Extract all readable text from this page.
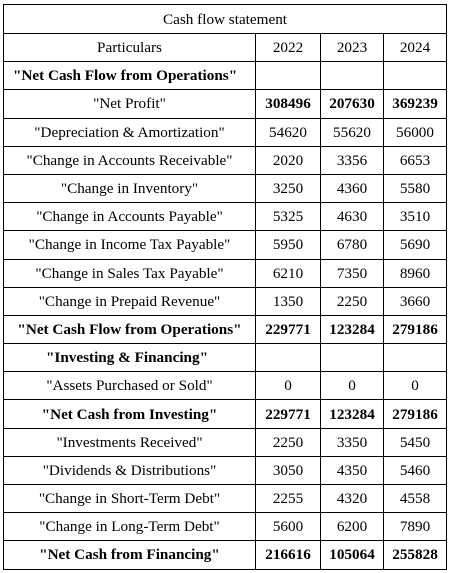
Cash flow statement			
Particulars	2022	2023	2024
"Net Cash Flow from Operations"			
"Net Profit"	308496	207630	369239
"Depreciation & Amortization"	54620	55620	56000
"Change in Accounts Receivable"	2020	3356	6653
"Change in Inventory"	3250	4360	5580
"Change in Accounts Payable"	5325	4630	3510
"Change in Income Tax Payable"	5950	6780	5690
"Change in Sales Tax Payable"	6210	7350	8960
"Change in Prepaid Revenue"	1350	2250	3660
"Net Cash Flow from Operations"	229771	123284	279186
"Investing & Financing"			
"Assets Purchased or Sold"	0	0	0
"Net Cash from Investing"	229771	123284	279186
"Investments Received"	2250	3350	5450
"Dividends & Distributions"	3050	4350	5460
"Change in Short-Term Debt"	2255	4320	4558
"Change in Long-Term Debt"	5600	6200	7890
"Net Cash from Financing"	216616	105064	255828
